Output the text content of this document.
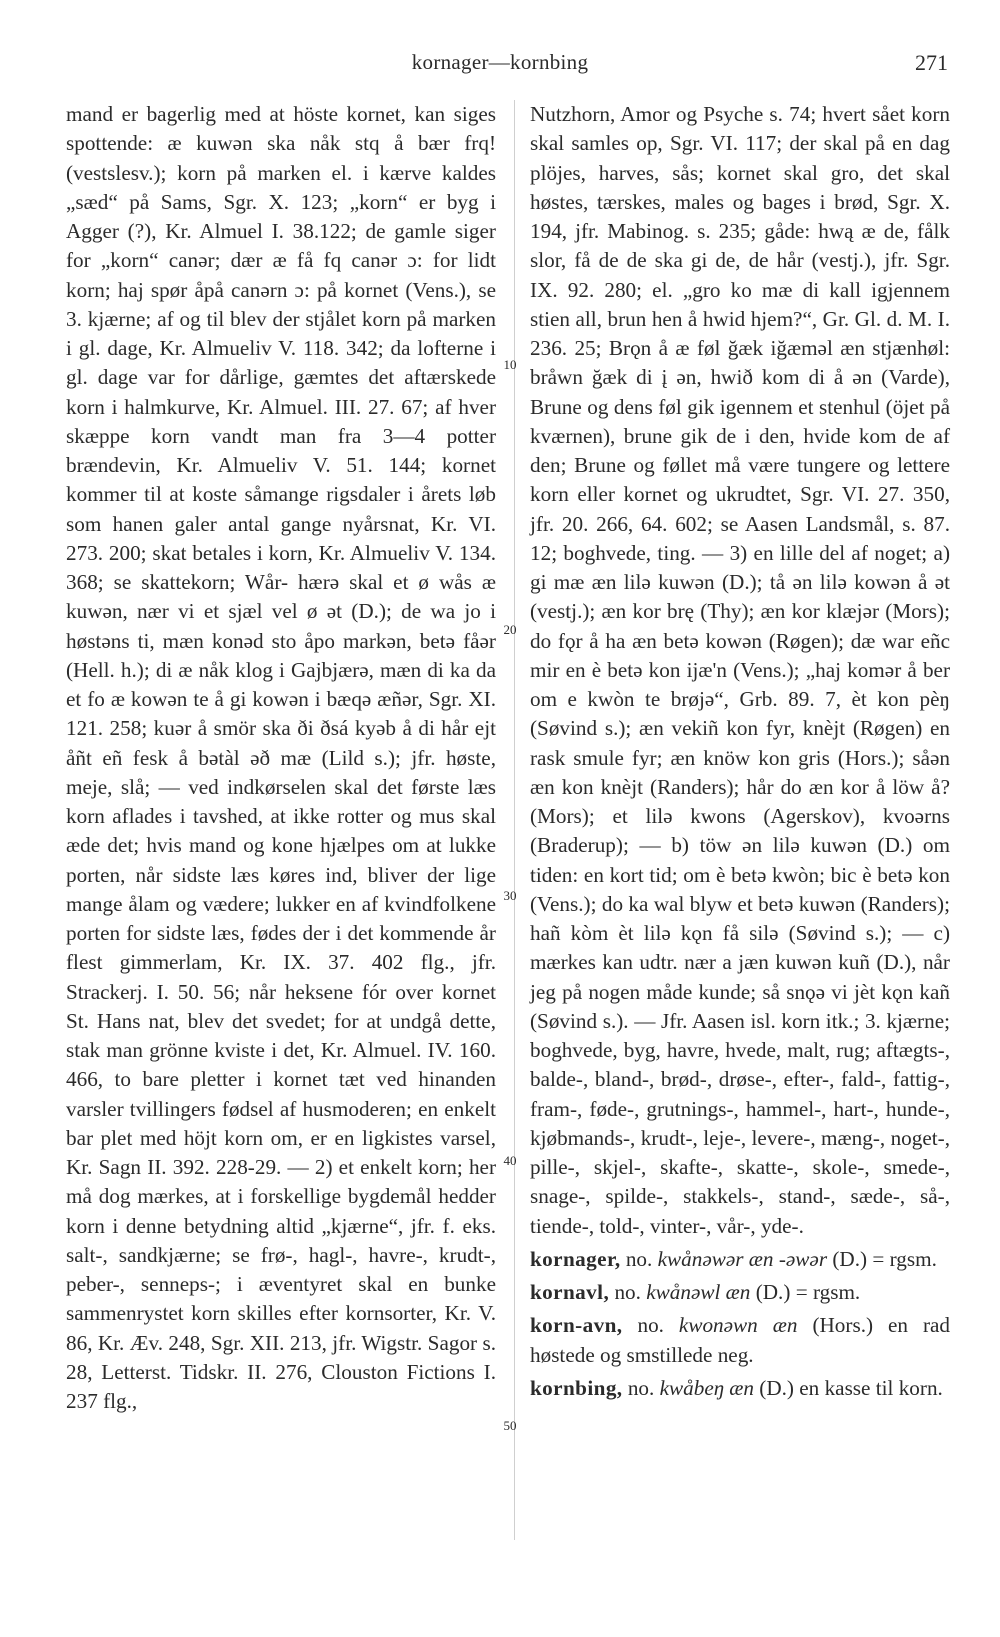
kornager—kornbing	271

mand er bagerlig med at höste kornet, kan siges spottende: æ kuwən ska nåk stq å bær frq! (vestslesv.); korn på marken el. i kærve kaldes „sæd“ på Sams, Sgr. X. 123; „korn“ er byg i Agger (?), Kr. Almuel I. 38.122; de gamle siger for „korn“ canər; dær æ få fq canər ɔ: for lidt korn; haj spør åpå canərn ɔ: på kornet (Vens.), se 3. kjærne; af og til blev der stjålet korn på marken i gl. dage, Kr. Almueliv V. 118. 342; da lofterne i gl. dage var for dårlige, gæmtes det aftærskede korn i halmkurve, Kr. Almuel. III. 27. 67; af hver skæppe korn vandt man fra 3—4 potter brændevin, Kr. Almueliv V. 51. 144; kornet kommer til at koste såmange rigsdaler i årets løb som hanen galer antal gange nyårsnat, Kr. VI. 273. 200; skat betales i korn, Kr. Almueliv V. 134. 368; se skattekorn; Wår- hærə skal et ø wås æ kuwən, nær vi et sjæl vel ø ət (D.); de wa jo i høstəns ti, mæn konəd sto åpo markən, betə fåər (Hell. h.); di æ nåk klog i Gajbjærə, mæn di ka da et fo æ kowən te å gi kowən i bæqə æñər, Sgr. XI. 121. 258; kuər å smör ska ði ðsá kyəb å di hår ejt åñt eñ fesk å bətàl əð mæ (Lild s.); jfr. høste, meje, slå; — ved indkørselen skal det første læs korn aflades i tavshed, at ikke rotter og mus skal æde det; hvis mand og kone hjælpes om at lukke porten, når sidste læs køres ind, bliver der lige mange ålam og vædere; lukker en af kvindfolkene porten for sidste læs, fødes der i det kommende år flest gimmerlam, Kr. IX. 37. 402 flg., jfr. Strackerj. I. 50. 56; når heksene fór over kornet St. Hans nat, blev det svedet; for at undgå dette, stak man grönne kviste i det, Kr. Almuel. IV. 160. 466, to bare pletter i kornet tæt ved hinanden varsler tvillingers fødsel af husmoderen; en enkelt bar plet med höjt korn om, er en ligkistes varsel, Kr. Sagn II. 392. 228-29. — 2) et enkelt korn; her må dog mærkes, at i forskellige bygdemål hedder korn i denne betydning altid „kjærne“, jfr. f. eks. salt-, sandkjærne; se frø-, hagl-, havre-, krudt-, peber-, senneps-; i æventyret skal en bunke sammenrystet korn skilles efter kornsorter, Kr. V. 86, Kr. Æv. 248, Sgr. XII. 213, jfr. Wigstr. Sagor s. 28, Letterst. Tidskr. II. 276, Clouston Fictions I. 237 flg.,

10
20
30
40
50

Nutzhorn, Amor og Psyche s. 74; hvert sået korn skal samles op, Sgr. VI. 117; der skal på en dag plöjes, harves, sås; kornet skal gro, det skal høstes, tærskes, males og bages i brød, Sgr. X. 194, jfr. Mabinog. s. 235; gåde: hwą æ de, fålk slor, få de de ska gi de, de hår (vestj.), jfr. Sgr. IX. 92. 280; el. „gro ko mæ di kall igjennem stien all, brun hen å hwid hjem?“, Gr. Gl. d. M. I. 236. 25; Brǫn å æ føl ğæk iğæməl æn stjænhøl: bråwn ğæk di į ən, hwið kom di å ən (Varde), Brune og dens føl gik igennem et stenhul (öjet på kværnen), brune gik de i den, hvide kom de af den; Brune og føllet må være tungere og lettere korn eller kornet og ukrudtet, Sgr. VI. 27. 350, jfr. 20. 266, 64. 602; se Aasen Landsmål, s. 87. 12; boghvede, ting. — 3) en lille del af noget; a) gi mæ æn lilə kuwən (D.); tå ən lilə kowən å ət (vestj.); æn kor brę (Thy); æn kor klæjər (Mors); do fǫr å ha æn betə kowən (Røgen); dæ war eñc mir en è betə kon ijæ'n (Vens.); „haj komər å ber om e kwòn te brøjə“, Grb. 89. 7, èt kon pèŋ (Søvind s.); æn vekiñ kon fyr, knèjt (Røgen) en rask smule fyr; æn knöw kon gris (Hors.); såən æn kon knèjt (Randers); hår do æn kor å löw å? (Mors); et lilə kwons (Agerskov), kvoərns (Braderup); — b) töw ən lilə kuwən (D.) om tiden: en kort tid; om è betə kwòn; bic è betə kon (Vens.); do ka wal blyw et betə kuwən (Randers); hañ kòm èt lilə kǫn få silə (Søvind s.); — c) mærkes kan udtr. nær a jæn kuwən kuñ (D.), når jeg på nogen måde kunde; så snǫə vi jèt kǫn kañ (Søvind s.). — Jfr. Aasen isl. korn itk.; 3. kjærne; boghvede, byg, havre, hvede, malt, rug; aftægts-, balde-, bland-, brød-, drøse-, efter-, fald-, fattig-, fram-, føde-, grutnings-, hammel-, hart-, hunde-, kjøbmands-, krudt-, leje-, levere-, mæng-, noget-, pille-, skjel-, skafte-, skatte-, skole-, smede-, snage-, spilde-, stakkels-, stand-, sæde-, så-, tiende-, told-, vinter-, vår-, yde-.

kornager, no. kwånəwər æn -əwər (D.) = rgsm.

kornavl, no. kwånəwl æn (D.) = rgsm.

korn-avn, no. kwonəwn æn (Hors.) en rad høstede og smstillede neg.

kornbing, no. kwåbeŋ æn (D.) en kasse til korn.
